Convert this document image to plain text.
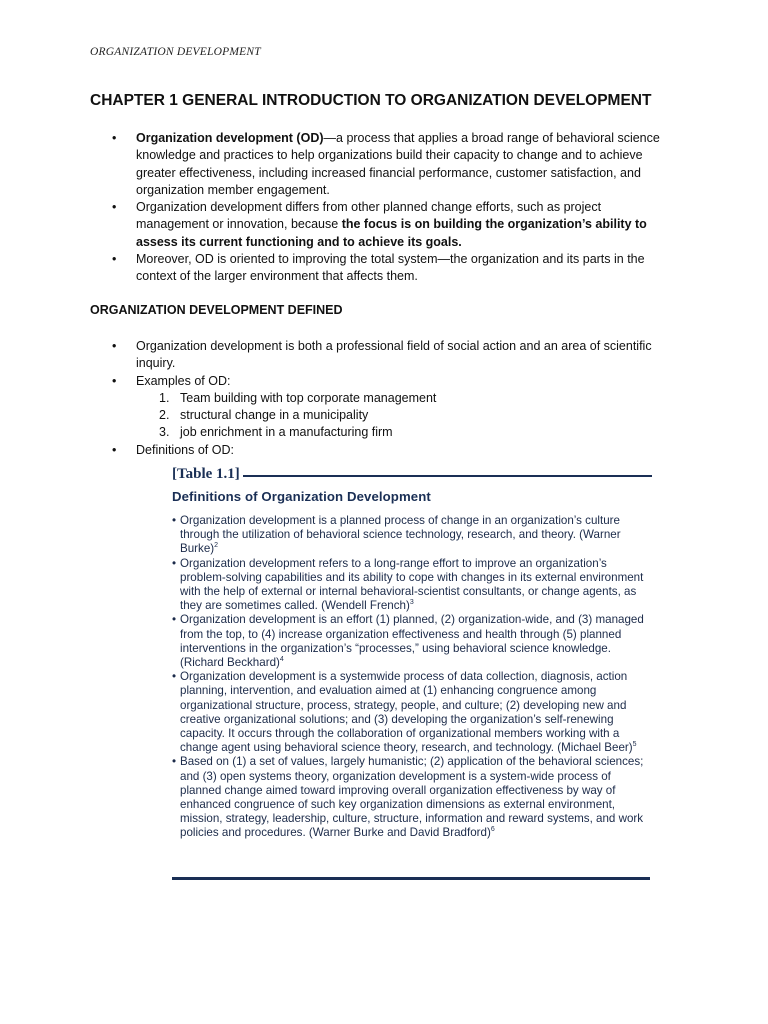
ORGANIZATION DEVELOPMENT
CHAPTER 1 GENERAL INTRODUCTION TO ORGANIZATION DEVELOPMENT
• Organization development (OD)—a process that applies a broad range of behavioral science knowledge and practices to help organizations build their capacity to change and to achieve greater effectiveness, including increased financial performance, customer satisfaction, and organization member engagement.
• Organization development differs from other planned change efforts, such as project management or innovation, because the focus is on building the organization’s ability to assess its current functioning and to achieve its goals.
• Moreover, OD is oriented to improving the total system—the organization and its parts in the context of the larger environment that affects them.
ORGANIZATION DEVELOPMENT DEFINED
• Organization development is both a professional field of social action and an area of scientific inquiry.
• Examples of OD:
1. Team building with top corporate management
2. structural change in a municipality
3. job enrichment in a manufacturing firm
• Definitions of OD:
[Table 1.1]
Definitions of Organization Development
• Organization development is a planned process of change in an organization’s culture through the utilization of behavioral science technology, research, and theory. (Warner Burke)$^2$
• Organization development refers to a long-range effort to improve an organization’s problem-solving capabilities and its ability to cope with changes in its external environment with the help of external or internal behavioral-scientist consultants, or change agents, as they are sometimes called. (Wendell French)$^3$
• Organization development is an effort (1) planned, (2) organization-wide, and (3) managed from the top, to (4) increase organization effectiveness and health through (5) planned interventions in the organization’s “processes,” using behavioral science knowledge. (Richard Beckhard)$^4$
• Organization development is a systemwide process of data collection, diagnosis, action planning, intervention, and evaluation aimed at (1) enhancing congruence among organizational structure, process, strategy, people, and culture; (2) developing new and creative organizational solutions; and (3) developing the organization’s self-renewing capacity. It occurs through the collaboration of organizational members working with a change agent using behavioral science theory, research, and technology. (Michael Beer)$^5$
• Based on (1) a set of values, largely humanistic; (2) application of the behavioral sciences; and (3) open systems theory, organization development is a system-wide process of planned change aimed toward improving overall organization effectiveness by way of enhanced congruence of such key organization dimensions as external environment, mission, strategy, leadership, culture, structure, information and reward systems, and work policies and procedures. (Warner Burke and David Bradford)$^6$
